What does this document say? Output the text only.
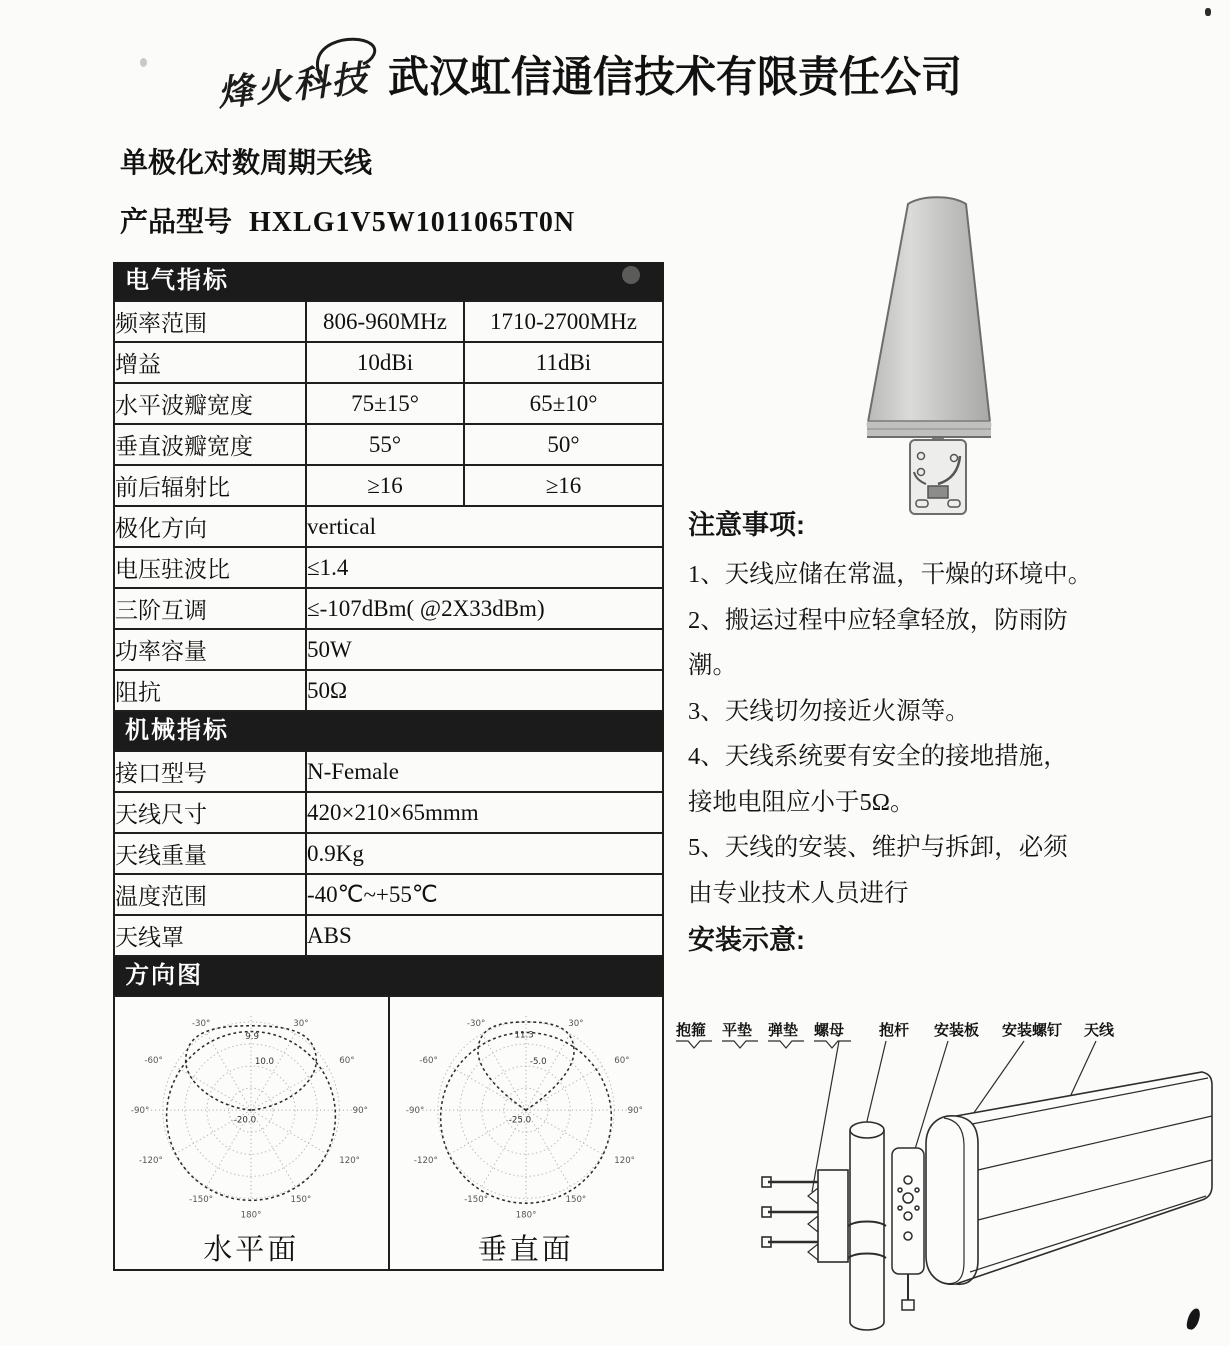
烽火科技 武汉虹信通信技术有限责任公司
单极化对数周期天线
产品型号 HXLG1V5W1011065T0N
电气指标
频率范围	806-960MHz	1710-2700MHz
增益	10dBi	11dBi
水平波瓣宽度	75±15°	65±10°
垂直波瓣宽度	55°	50°
前后辐射比	≥16	≥16
极化方向	vertical	
电压驻波比	≤1.4	
三阶互调	≤-107dBm( @2X33dBm)	
功率容量	50W	
阻抗	50Ω	
机械指标
接口型号	N-Female
天线尺寸	420×210×65mmm
天线重量	0.9Kg
温度范围	-40℃~+55℃
天线罩	ABS
方向图
-30°	30°
-60°	60°
-90°	90°
-120°	120°
-150°	150°
180°
9.9
10.0
-20.0
水平面
-30°	30°
-60°	60°
-90°	90°
-120°	120°
-150°	150°
180°
11.3
-5.0
-25.0
垂直面
注意事项:
1、天线应储在常温，干燥的环境中。
2、搬运过程中应轻拿轻放，防雨防
潮。
3、天线切勿接近火源等。
4、天线系统要有安全的接地措施，
接地电阻应小于5Ω。
5、天线的安装、维护与拆卸，必须
由专业技术人员进行
安装示意:
抱箍 平垫 弹垫 螺母 抱杆 安装板 安装螺钉 天线
